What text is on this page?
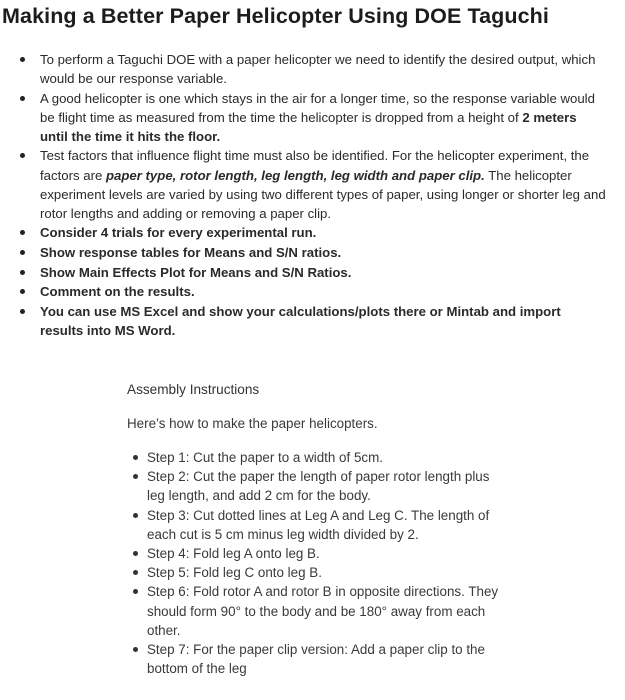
Making a Better Paper Helicopter Using DOE Taguchi
To perform a Taguchi DOE with a paper helicopter we need to identify the desired output, which would be our response variable.
A good helicopter is one which stays in the air for a longer time, so the response variable would be flight time as measured from the time the helicopter is dropped from a height of 2 meters until the time it hits the floor.
Test factors that influence flight time must also be identified. For the helicopter experiment, the factors are paper type, rotor length, leg length, leg width and paper clip. The helicopter experiment levels are varied by using two different types of paper, using longer or shorter leg and rotor lengths and adding or removing a paper clip.
Consider 4 trials for every experimental run.
Show response tables for Means and S/N ratios.
Show Main Effects Plot for Means and S/N Ratios.
Comment on the results.
You can use MS Excel and show your calculations/plots there or Mintab and import results into MS Word.
Assembly Instructions

Here’s how to make the paper helicopters.

Step 1: Cut the paper to a width of 5cm.
Step 2: Cut the paper the length of paper rotor length plus leg length, and add 2 cm for the body.
Step 3: Cut dotted lines at Leg A and Leg C. The length of each cut is 5 cm minus leg width divided by 2.
Step 4: Fold leg A onto leg B.
Step 5: Fold leg C onto leg B.
Step 6: Fold rotor A and rotor B in opposite directions. They should form 90° to the body and be 180° away from each other.
Step 7: For the paper clip version: Add a paper clip to the bottom of the leg
